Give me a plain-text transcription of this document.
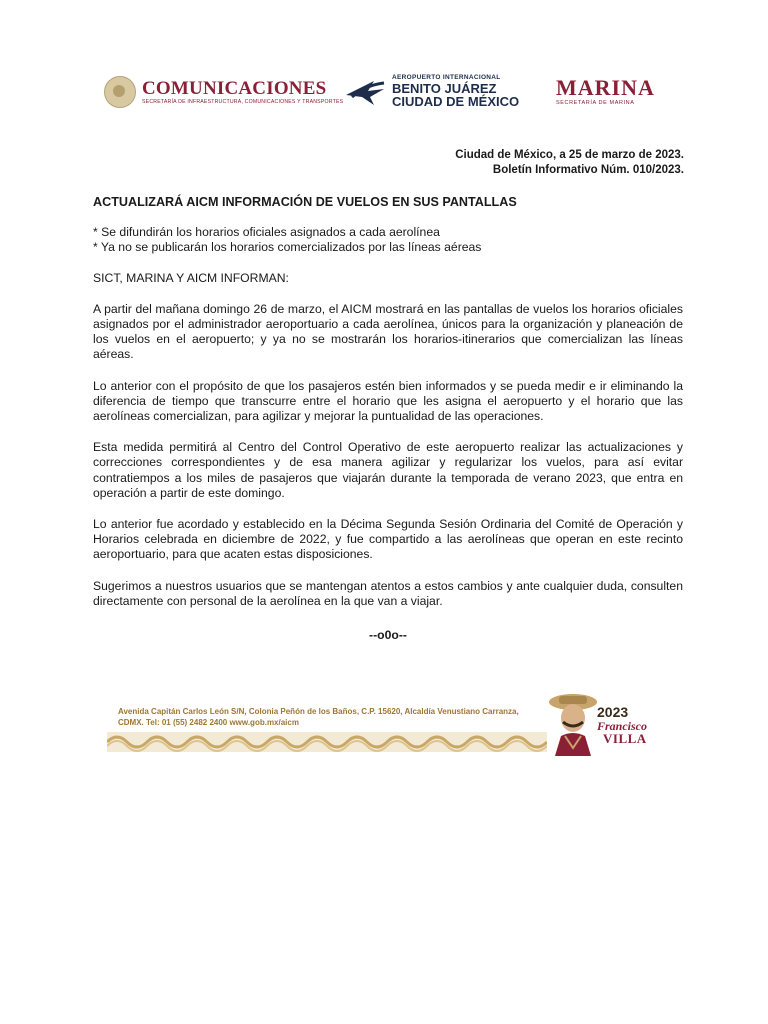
COMUNICACIONES
SECRETARÍA DE INFRAESTRUCTURA, COMUNICACIONES Y TRANSPORTES
AEROPUERTO INTERNACIONAL
BENITO JUÁREZ
CIUDAD DE MÉXICO
MARINA
SECRETARÍA DE MARINA
Ciudad de México, a 25 de marzo de 2023.
Boletín Informativo Núm. 010/2023.
ACTUALIZARÁ AICM INFORMACIÓN DE VUELOS EN SUS PANTALLAS
* Se difundirán los horarios oficiales asignados a cada aerolínea
* Ya no se publicarán los horarios comercializados por las líneas aéreas
SICT, MARINA Y AICM INFORMAN:
A partir del mañana domingo 26 de marzo, el AICM mostrará en las pantallas de vuelos los horarios oficiales asignados por el administrador aeroportuario a cada aerolínea, únicos para la organización y planeación de los vuelos en el aeropuerto; y ya no se mostrarán los horarios-itinerarios que comercializan las líneas aéreas.
Lo anterior con el propósito de que los pasajeros estén bien informados y se pueda medir e ir eliminando la diferencia de tiempo que transcurre entre el horario que les asigna el aeropuerto y el horario que las aerolíneas comercializan, para agilizar y mejorar la puntualidad de las operaciones.
Esta medida permitirá al Centro del Control Operativo de este aeropuerto realizar las actualizaciones y correcciones correspondientes y de esa manera agilizar y regularizar los vuelos, para así evitar contratiempos a los miles de pasajeros que viajarán durante la temporada de verano 2023, que entra en operación a partir de este domingo.
Lo anterior fue acordado y establecido en la Décima Segunda Sesión Ordinaria del Comité de Operación y Horarios celebrada en diciembre de 2022, y fue compartido a las aerolíneas que operan en este recinto aeroportuario, para que acaten estas disposiciones.
Sugerimos a nuestros usuarios que se mantengan atentos a estos cambios y ante cualquier duda, consulten directamente con personal de la aerolínea en la que van a viajar.
--o0o--
Avenida Capitán Carlos León S/N, Colonia Peñón de los Baños, C.P. 15620, Alcaldía Venustiano Carranza,
CDMX. Tel: 01 (55) 2482 2400 www.gob.mx/aicm
2023
Francisco
VILLA
